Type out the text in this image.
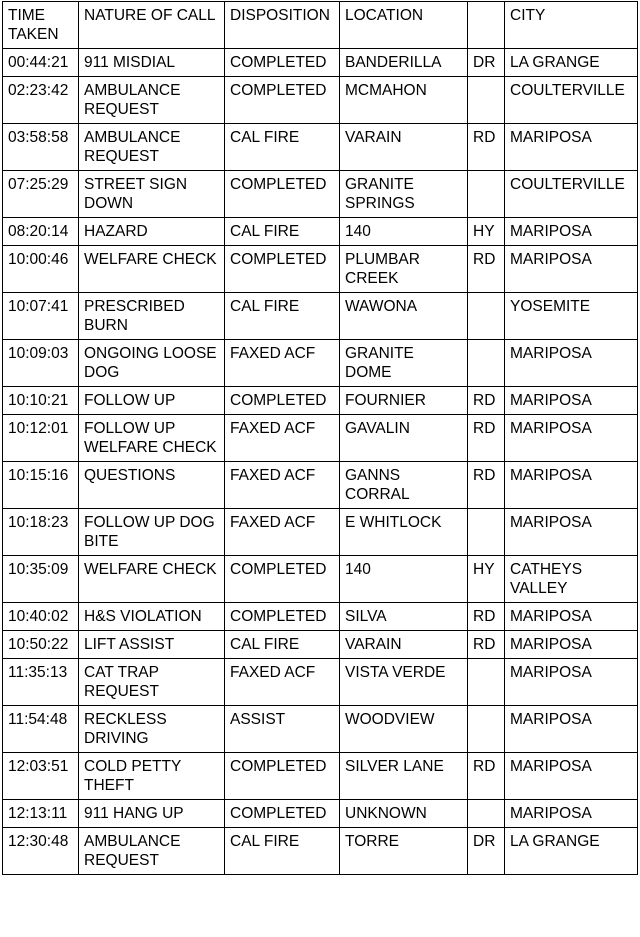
TIME TAKEN	NATURE OF CALL	DISPOSITION	LOCATION		CITY
00:44:21	911 MISDIAL	COMPLETED	BANDERILLA	DR	LA GRANGE
02:23:42	AMBULANCE REQUEST	COMPLETED	MCMAHON		COULTERVILLE
03:58:58	AMBULANCE REQUEST	CAL FIRE	VARAIN	RD	MARIPOSA
07:25:29	STREET SIGN DOWN	COMPLETED	GRANITE SPRINGS		COULTERVILLE
08:20:14	HAZARD	CAL FIRE	140	HY	MARIPOSA
10:00:46	WELFARE CHECK	COMPLETED	PLUMBAR CREEK	RD	MARIPOSA
10:07:41	PRESCRIBED BURN	CAL FIRE	WAWONA		YOSEMITE
10:09:03	ONGOING LOOSE DOG	FAXED ACF	GRANITE DOME		MARIPOSA
10:10:21	FOLLOW UP	COMPLETED	FOURNIER	RD	MARIPOSA
10:12:01	FOLLOW UP WELFARE CHECK	FAXED ACF	GAVALIN	RD	MARIPOSA
10:15:16	QUESTIONS	FAXED ACF	GANNS CORRAL	RD	MARIPOSA
10:18:23	FOLLOW UP DOG BITE	FAXED ACF	E WHITLOCK		MARIPOSA
10:35:09	WELFARE CHECK	COMPLETED	140	HY	CATHEYS VALLEY
10:40:02	H&S VIOLATION	COMPLETED	SILVA	RD	MARIPOSA
10:50:22	LIFT ASSIST	CAL FIRE	VARAIN	RD	MARIPOSA
11:35:13	CAT TRAP REQUEST	FAXED ACF	VISTA VERDE		MARIPOSA
11:54:48	RECKLESS DRIVING	ASSIST	WOODVIEW		MARIPOSA
12:03:51	COLD PETTY THEFT	COMPLETED	SILVER LANE	RD	MARIPOSA
12:13:11	911 HANG UP	COMPLETED	UNKNOWN		MARIPOSA
12:30:48	AMBULANCE REQUEST	CAL FIRE	TORRE	DR	LA GRANGE
